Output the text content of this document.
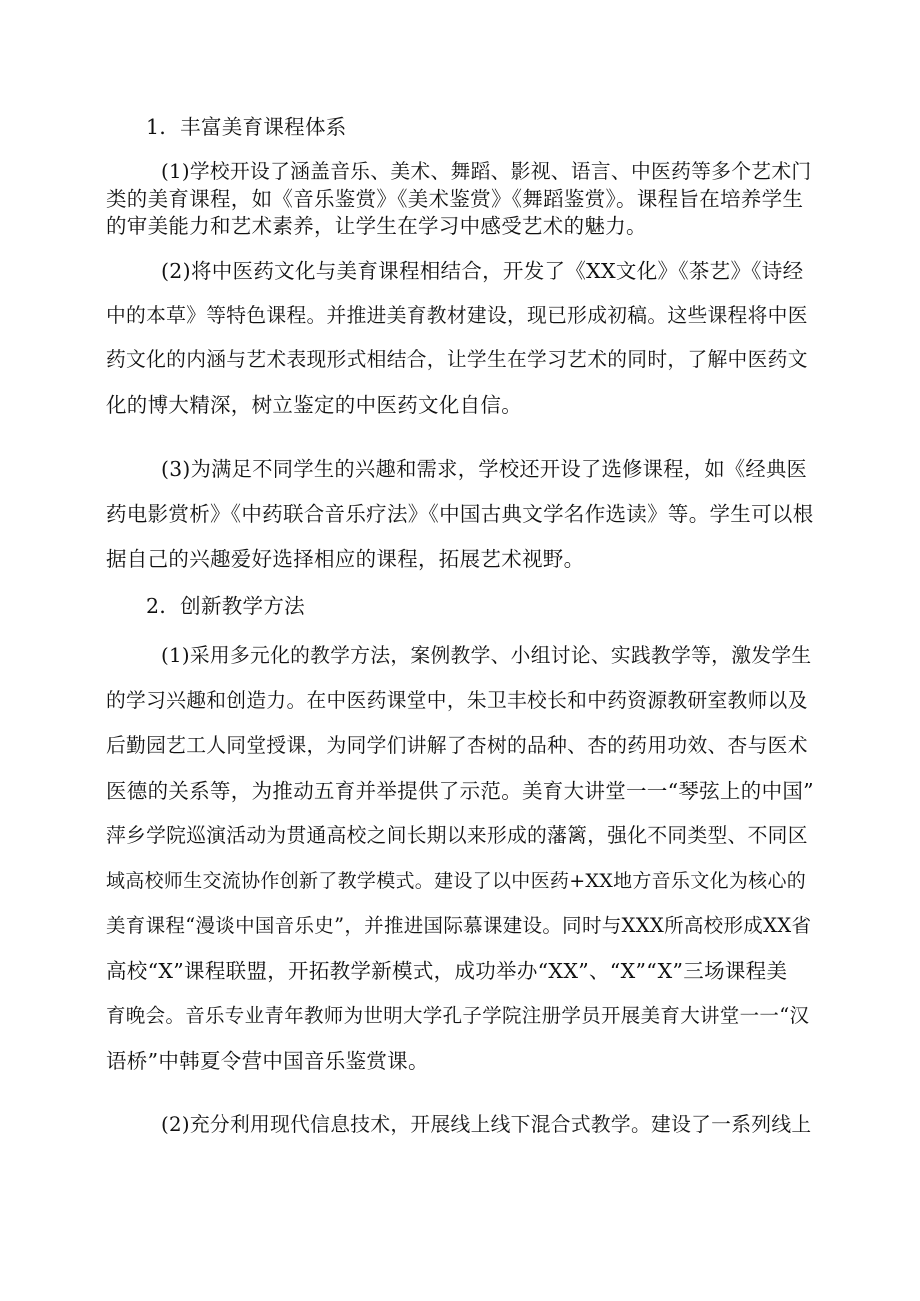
1．丰富美育课程体系
(1)学校开设了涵盖音乐、美术、舞蹈、影视、语言、中医药等多个艺术门
类的美育课程，如《音乐鉴赏》《美术鉴赏》《舞蹈鉴赏》。课程旨在培养学生
的审美能力和艺术素养，让学生在学习中感受艺术的魅力。
(2)将中医药文化与美育课程相结合，开发了《XX文化》《茶艺》《诗经
中的本草》等特色课程。并推进美育教材建设，现已形成初稿。这些课程将中医
药文化的内涵与艺术表现形式相结合，让学生在学习艺术的同时，了解中医药文
化的博大精深，树立鉴定的中医药文化自信。
(3)为满足不同学生的兴趣和需求，学校还开设了选修课程，如《经典医
药电影赏析》《中药联合音乐疗法》《中国古典文学名作选读》等。学生可以根
据自己的兴趣爱好选择相应的课程，拓展艺术视野。
2．创新教学方法
(1)采用多元化的教学方法，案例教学、小组讨论、实践教学等，激发学生
的学习兴趣和创造力。在中医药课堂中，朱卫丰校长和中药资源教研室教师以及
后勤园艺工人同堂授课，为同学们讲解了杏树的品种、杏的药用功效、杏与医术
医德的关系等，为推动五育并举提供了示范。美育大讲堂一一“琴弦上的中国”
萍乡学院巡演活动为贯通高校之间长期以来形成的藩篱，强化不同类型、不同区
域高校师生交流协作创新了教学模式。建设了以中医药+XX地方音乐文化为核心的
美育课程“漫谈中国音乐史”，并推进国际慕课建设。同时与XXX所高校形成XX省
高校“X”课程联盟，开拓教学新模式，成功举办“XX”、“X”“X”三场课程美
育晚会。音乐专业青年教师为世明大学孔子学院注册学员开展美育大讲堂一一“汉
语桥”中韩夏令营中国音乐鉴赏课。
(2)充分利用现代信息技术，开展线上线下混合式教学。建设了一系列线上
